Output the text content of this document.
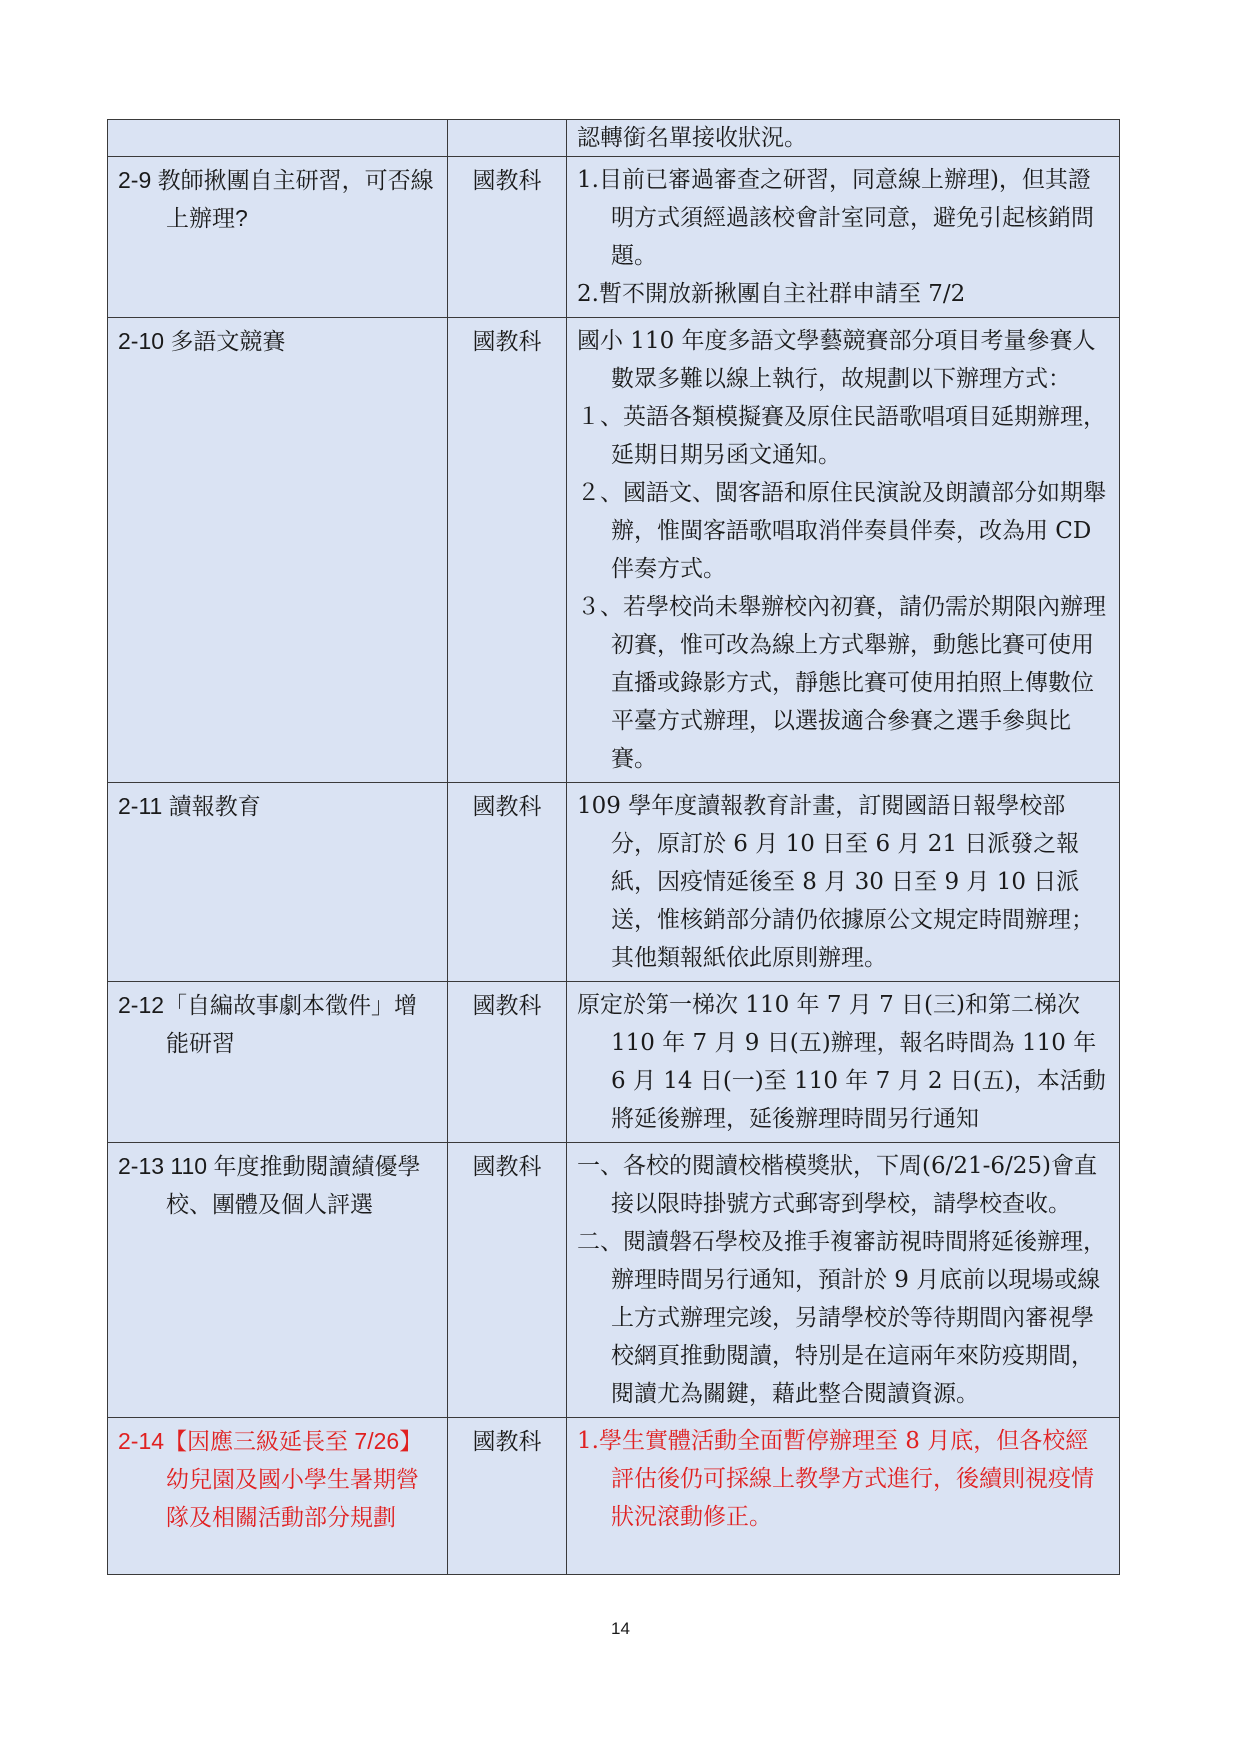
		認轉銜名單接收狀況。

2-9 教師揪團自主研習，可否線上辦理?	國教科	1.目前已審過審查之研習，同意線上辦理)，但其證明方式須經過該校會計室同意，避免引起核銷問題。
2.暫不開放新揪團自主社群申請至 7/2

2-10 多語文競賽	國教科	國小 110 年度多語文學藝競賽部分項目考量參賽人數眾多難以線上執行，故規劃以下辦理方式：
１、英語各類模擬賽及原住民語歌唱項目延期辦理，延期日期另函文通知。
２、國語文、閩客語和原住民演說及朗讀部分如期舉辦，惟閩客語歌唱取消伴奏員伴奏，改為用 CD 伴奏方式。
３、若學校尚未舉辦校內初賽，請仍需於期限內辦理初賽，惟可改為線上方式舉辦，動態比賽可使用直播或錄影方式，靜態比賽可使用拍照上傳數位平臺方式辦理，以選拔適合參賽之選手參與比賽。

2-11 讀報教育	國教科	109 學年度讀報教育計畫，訂閱國語日報學校部分，原訂於 6 月 10 日至 6 月 21 日派發之報紙，因疫情延後至 8 月 30 日至 9 月 10 日派送，惟核銷部分請仍依據原公文規定時間辦理；其他類報紙依此原則辦理。

2-12「自編故事劇本徵件」增能研習	國教科	原定於第一梯次 110 年 7 月 7 日(三)和第二梯次 110 年 7 月 9 日(五)辦理，報名時間為 110 年 6 月 14 日(一)至 110 年 7 月 2 日(五)，本活動將延後辦理，延後辦理時間另行通知

2-13 110 年度推動閱讀績優學校、團體及個人評選	國教科	一、各校的閱讀校楷模獎狀，下周(6/21-6/25)會直接以限時掛號方式郵寄到學校，請學校查收。
二、閱讀磐石學校及推手複審訪視時間將延後辦理，辦理時間另行通知，預計於 9 月底前以現場或線上方式辦理完竣，另請學校於等待期間內審視學校網頁推動閱讀，特別是在這兩年來防疫期間，閱讀尤為關鍵，藉此整合閱讀資源。

2-14【因應三級延長至 7/26】幼兒園及國小學生暑期營隊及相關活動部分規劃	國教科	1.學生實體活動全面暫停辦理至 8 月底，但各校經評估後仍可採線上教學方式進行，後續則視疫情狀況滾動修正。
14
